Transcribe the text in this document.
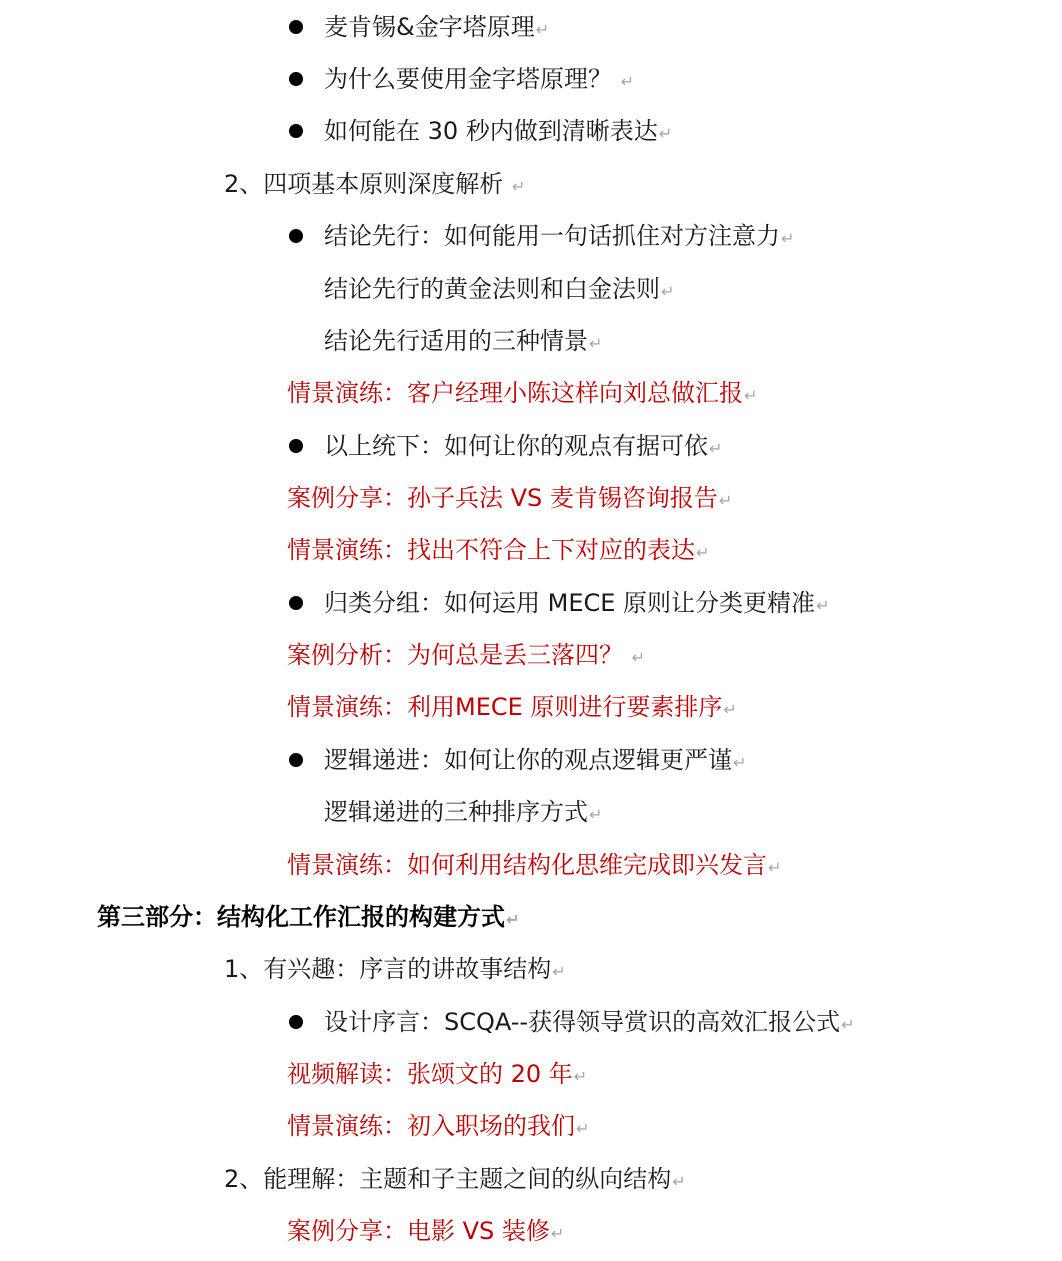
麦肯锡&金字塔原理↵
为什么要使用金字塔原理？ ↵
如何能在 30 秒内做到清晰表达↵
2、四项基本原则深度解析 ↵
结论先行：如何能用一句话抓住对方注意力↵
结论先行的黄金法则和白金法则↵
结论先行适用的三种情景↵
情景演练：客户经理小陈这样向刘总做汇报↵
以上统下：如何让你的观点有据可依↵
案例分享：孙子兵法 VS 麦肯锡咨询报告↵
情景演练：找出不符合上下对应的表达↵
归类分组：如何运用 MECE 原则让分类更精准↵
案例分析：为何总是丢三落四？ ↵
情景演练：利用MECE 原则进行要素排序↵
逻辑递进：如何让你的观点逻辑更严谨↵
逻辑递进的三种排序方式↵
情景演练：如何利用结构化思维完成即兴发言↵
第三部分：结构化工作汇报的构建方式↵
1、有兴趣：序言的讲故事结构↵
设计序言：SCQA--获得领导赏识的高效汇报公式↵
视频解读：张颂文的 20 年↵
情景演练：初入职场的我们↵
2、能理解：主题和子主题之间的纵向结构↵
案例分享：电影 VS 装修↵
